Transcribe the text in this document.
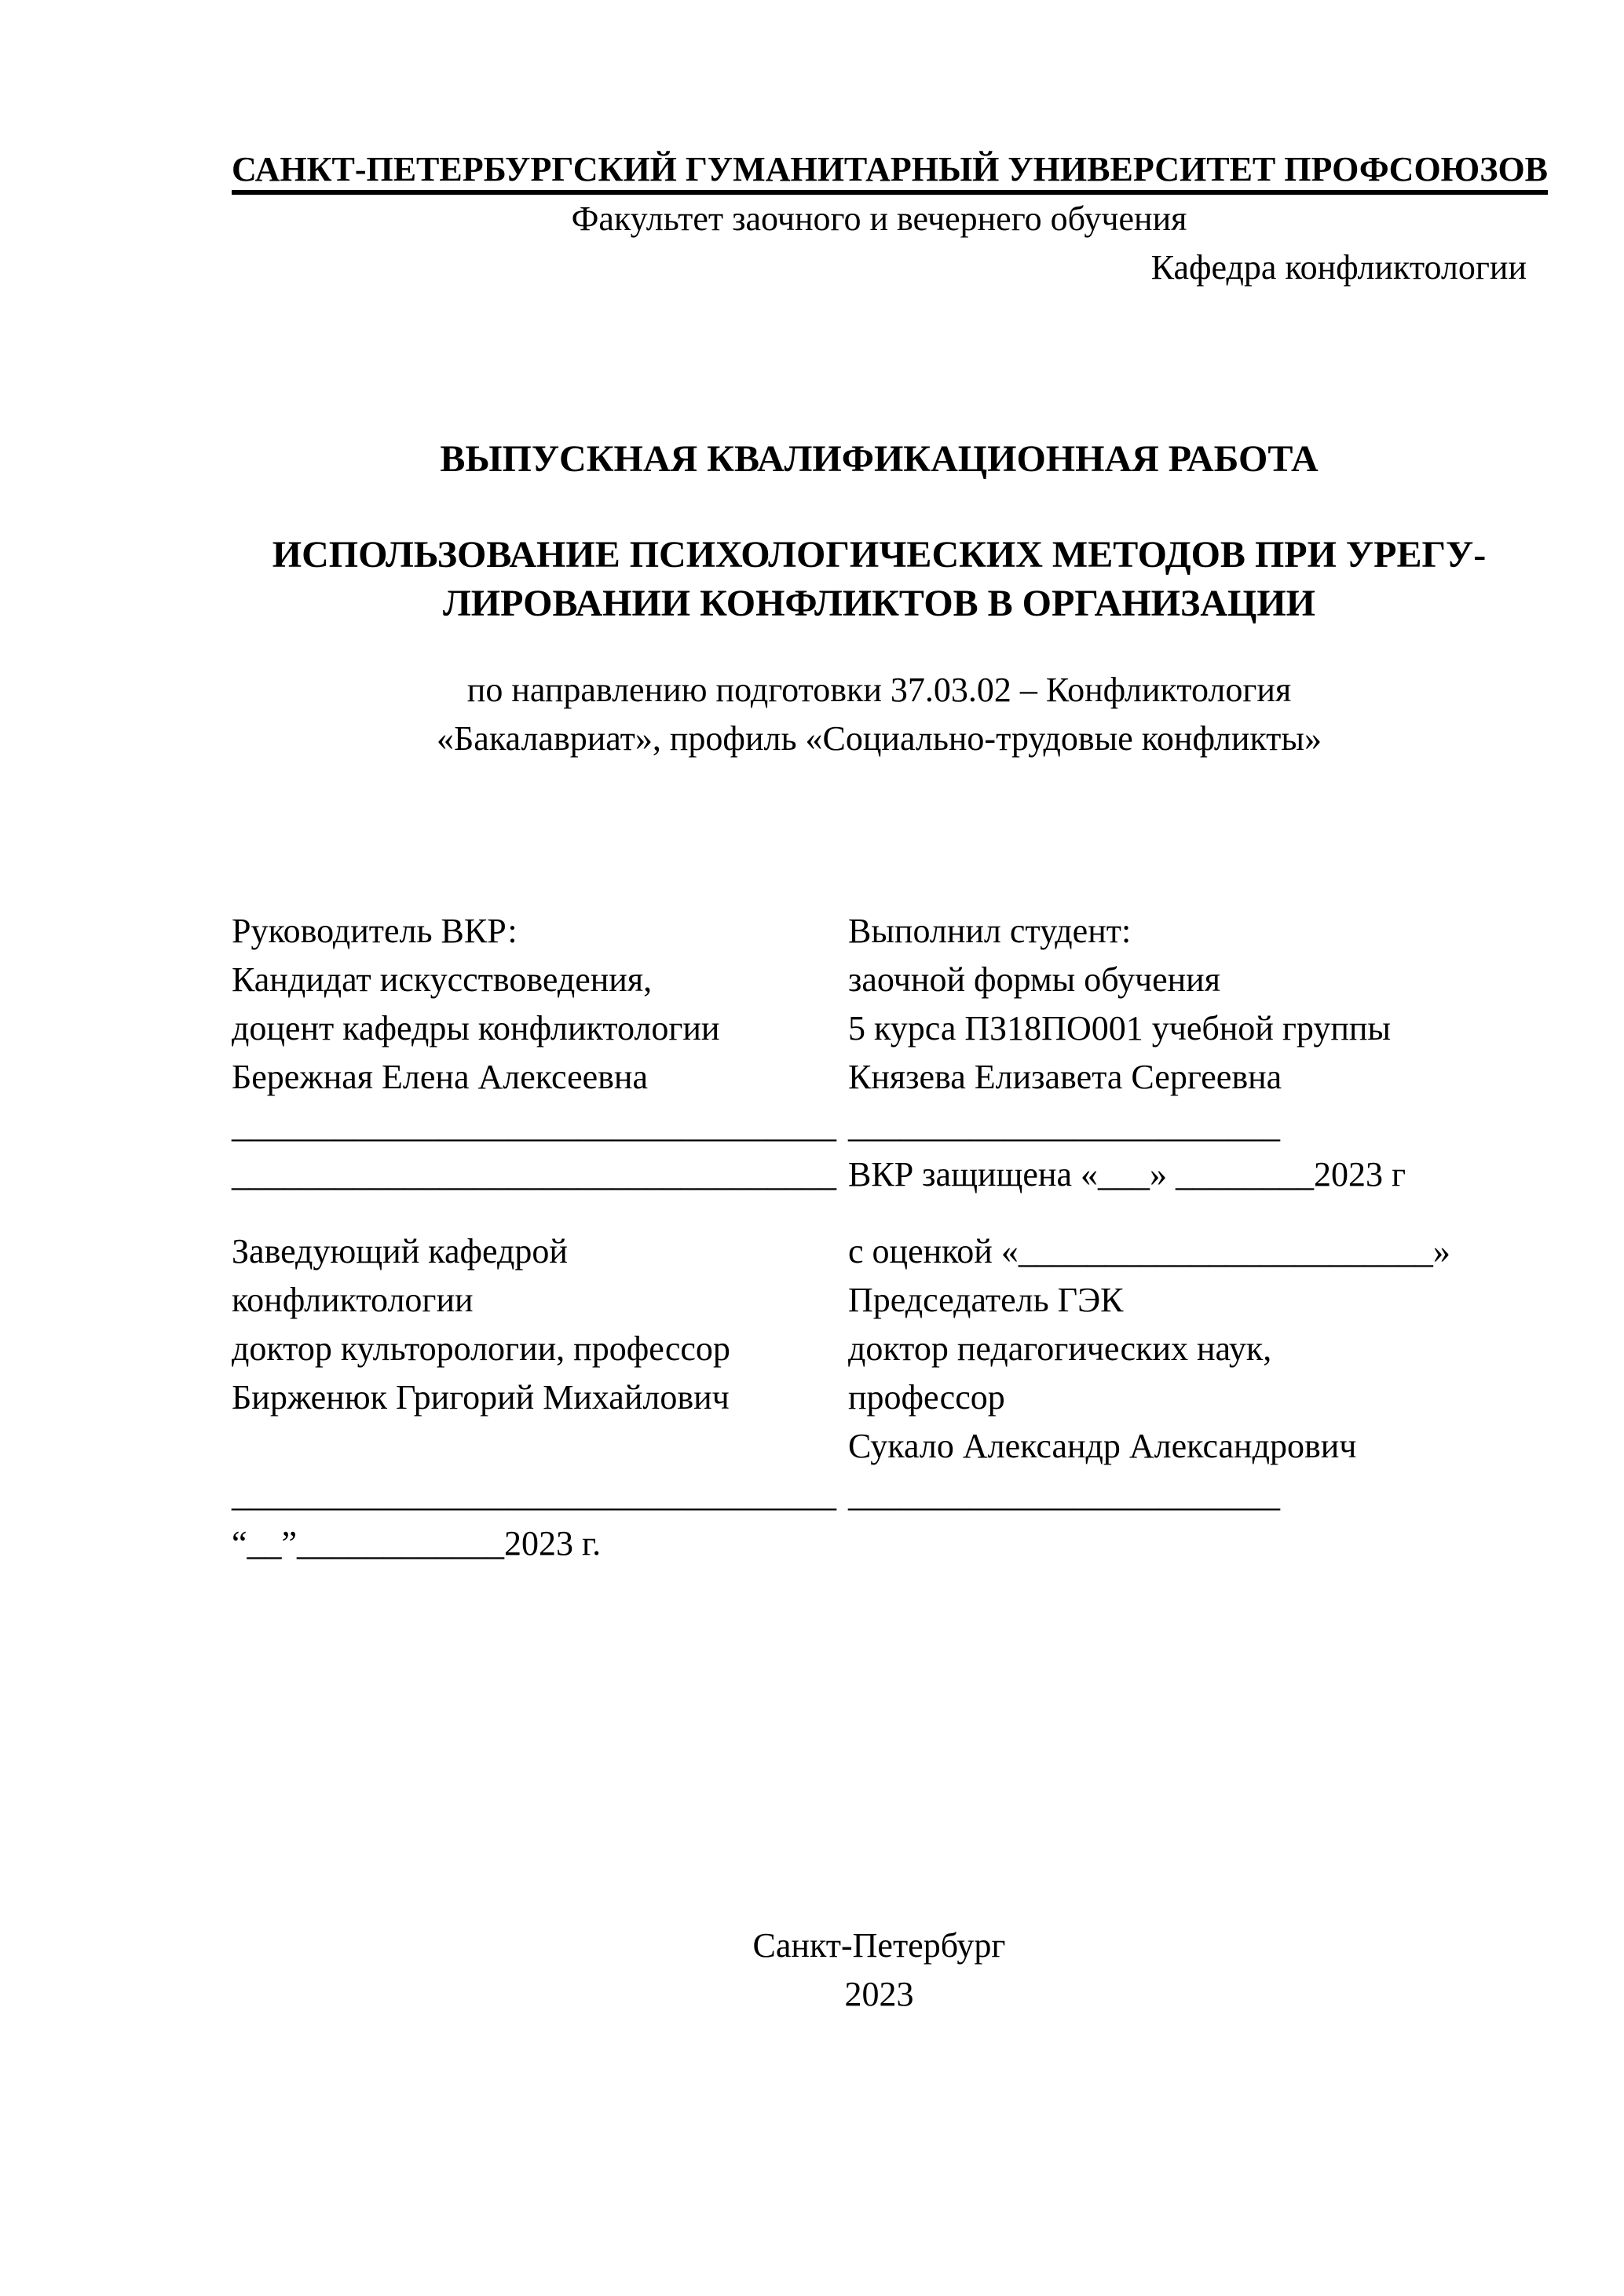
САНКТ-ПЕТЕРБУРГСКИЙ ГУМАНИТАРНЫЙ УНИВЕРСИТЕТ ПРОФСОЮЗОВ
Факультет заочного и вечернего обучения
Кафедра конфликтологии
ВЫПУСКНАЯ КВАЛИФИКАЦИОННАЯ РАБОТА
ИСПОЛЬЗОВАНИЕ ПСИХОЛОГИЧЕСКИХ МЕТОДОВ ПРИ УРЕГУ-
ЛИРОВАНИИ КОНФЛИКТОВ В ОРГАНИЗАЦИИ
по направлению подготовки 37.03.02 – Конфликтология
«Бакалавриат», профиль «Социально-трудовые конфликты»
Руководитель ВКР:
Кандидат искусствоведения,
доцент кафедры конфликтологии
Бережная Елена Алексеевна
___________________________________
___________________________________
Выполнил студент:
заочной формы обучения
5 курса ПЗ18ПО001 учебной группы
Князева Елизавета Сергеевна
_________________________
ВКР защищена «___» ________2023 г
Заведующий кафедрой
конфликтологии
доктор культорологии, профессор
Бирженюк Григорий Михайлович
___________________________________
“__”____________2023 г.
с оценкой «________________________»
Председатель ГЭК
доктор педагогических наук,
профессор
Сукало Александр Александрович
_________________________
Санкт-Петербург
2023
